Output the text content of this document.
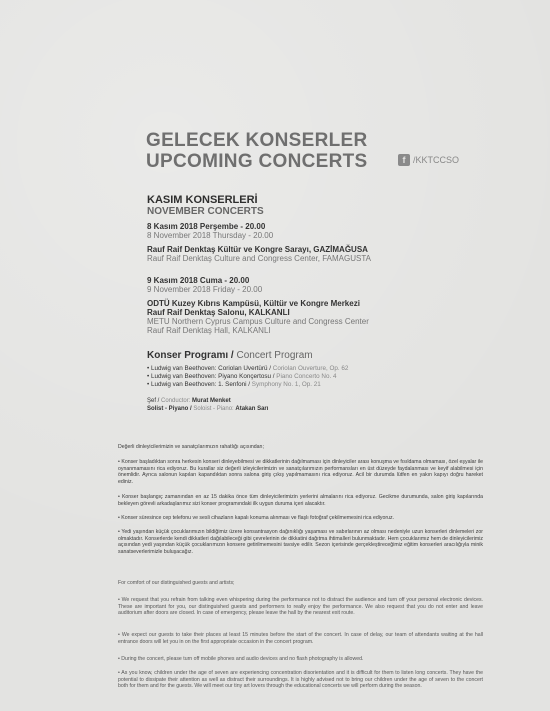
GELECEK KONSERLER
UPCOMING CONCERTS	f /KKTCCSO
KASIM KONSERLERİ
NOVEMBER CONCERTS
8 Kasım 2018 Perşembe - 20.00
8 November 2018 Thursday - 20.00
Rauf Raif Denktaş Kültür ve Kongre Sarayı, GAZİMAĞUSA
Rauf Raif Denktaş Culture and Congress Center, FAMAGUSTA
9 Kasım 2018 Cuma - 20.00
9 November 2018 Friday - 20.00
ODTÜ Kuzey Kıbrıs Kampüsü, Kültür ve Kongre Merkezi
Rauf Raif Denktaş Salonu, KALKANLI
METU Northern Cyprus Campus Culture and Congress Center
Rauf Raif Denktaş Hall, KALKANLI
Konser Programı / Concert Program
• Ludwig van Beethoven: Coriolan Uvertürü / Coriolan Ouverture, Op. 62
• Ludwig van Beethoven: Piyano Konçertosu / Piano Concerto No. 4
• Ludwig van Beethoven: 1. Senfoni / Symphony No. 1, Op. 21
Şef / Conductor: Murat Menket
Solist - Piyano / Soloist - Piano: Atakan Sarı
Değerli dinleyicilerimizin ve sanatçılarımızın rahatlığı açısından;
• Konser başladıktan sonra herkesin konseri dinleyebilmesi ve dikkatlerinin dağılmaması için dinleyiciler arası konuşma ve fısıldama olmaması, özel eşyalar ile oynanmamasını rica ediyoruz. Bu kurallar siz değerli izleyicilerimizin ve sanatçılarımızın performansları en üst düzeyde faydalanması ve keyif alabilmesi için önemlidir. Ayrıca salonun kapıları kapandıktan sonra salona giriş çıkış yapılmamasını rica ediyoruz. Acil bir durumda lütfen en yakın kapıyı doğru hareket ediniz.
• Konser başlangıç zamanından en az 15 dakika önce tüm dinleyicilerimizin yerlerini almalarını rica ediyoruz. Gecikme durumunda, salon giriş kapılarında bekleyen görevli arkadaşlarımız sizi konser programındaki ilk uygun duruma içeri alacaktır.
• Konser süresince cep telefonu ve sesli cihazların kapalı konuma alınması ve flaşlı fotoğraf çekilmemesini rica ediyoruz.
• Yedi yaşından küçük çocuklarımızın bildiğimiz üzere konsantrasyon dağınıklığı yaşaması ve sabırlarının az olması nedeniyle uzun konserleri dinlemeleri zor olmaktadır. Konserlerde kendi dikkatleri dağılabileceği gibi çevrelerinin de dikkatini dağıtma ihtimalleri bulunmaktadır. Hem çocuklarımız hem de dinleyicilerimiz açısından yedi yaşından küçük çocuklarımızın konsere getirilmemesini tavsiye edilir. Sezon içerisinde gerçekleştireceğimiz eğitim konserleri aracılığıyla minik sanatseverlerimizle buluşacağız.
For comfort of our distinguished guests and artists;
• We request that you refrain from talking even whispering during the performance not to distract the audience and turn off your personal electronic devices. These are important for you, our distinguished guests and performers to really enjoy the performance. We also request that you do not enter and leave auditorium after doors are closed. In case of emergency, please leave the hall by the nearest exit route.
• We expect our guests to take their places at least 15 minutes before the start of the concert. In case of delay, our team of attendants waiting at the hall entrance doors will let you in on the first appropriate occasion in the concert program.
• During the concert, please turn off mobile phones and audio devices and no flash photography is allowed.
• As you know, children under the age of seven are experiencing concentration disorientation and it is difficult for them to listen long concerts. They have the potential to dissipate their attention as well as distract their surroundings. It is highly advised not to bring our children under the age of seven to the concert both for them and for the guests. We will meet our tiny art lovers through the educational concerts we will perform during the season.
